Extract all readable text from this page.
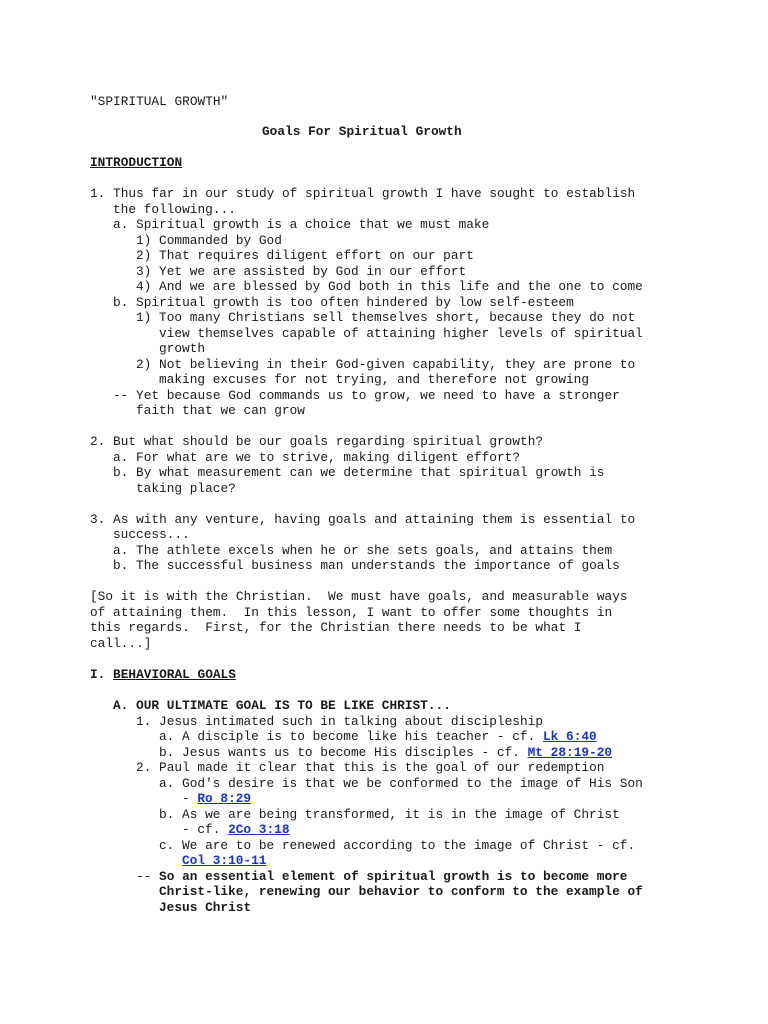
"SPIRITUAL GROWTH"
Goals For Spiritual Growth
INTRODUCTION
1. Thus far in our study of spiritual growth I have sought to establish
the following...
a. Spiritual growth is a choice that we must make
1) Commanded by God
2) That requires diligent effort on our part
3) Yet we are assisted by God in our effort
4) And we are blessed by God both in this life and the one to come
b. Spiritual growth is too often hindered by low self-esteem
1) Too many Christians sell themselves short, because they do not
view themselves capable of attaining higher levels of spiritual
growth
2) Not believing in their God-given capability, they are prone to
making excuses for not trying, and therefore not growing
-- Yet because God commands us to grow, we need to have a stronger
faith that we can grow
2. But what should be our goals regarding spiritual growth?
a. For what are we to strive, making diligent effort?
b. By what measurement can we determine that spiritual growth is
taking place?
3. As with any venture, having goals and attaining them is essential to
success...
a. The athlete excels when he or she sets goals, and attains them
b. The successful business man understands the importance of goals
[So it is with the Christian.  We must have goals, and measurable ways
of attaining them.  In this lesson, I want to offer some thoughts in
this regards.  First, for the Christian there needs to be what I
call...]
I. BEHAVIORAL GOALS
A. OUR ULTIMATE GOAL IS TO BE LIKE CHRIST...
1. Jesus intimated such in talking about discipleship
a. A disciple is to become like his teacher - cf. Lk 6:40
b. Jesus wants us to become His disciples - cf. Mt 28:19-20
2. Paul made it clear that this is the goal of our redemption
a. God's desire is that we be conformed to the image of His Son
- Ro 8:29
b. As we are being transformed, it is in the image of Christ
- cf. 2Co 3:18
c. We are to be renewed according to the image of Christ - cf.
Col 3:10-11
-- So an essential element of spiritual growth is to become more
Christ-like, renewing our behavior to conform to the example of
Jesus Christ
